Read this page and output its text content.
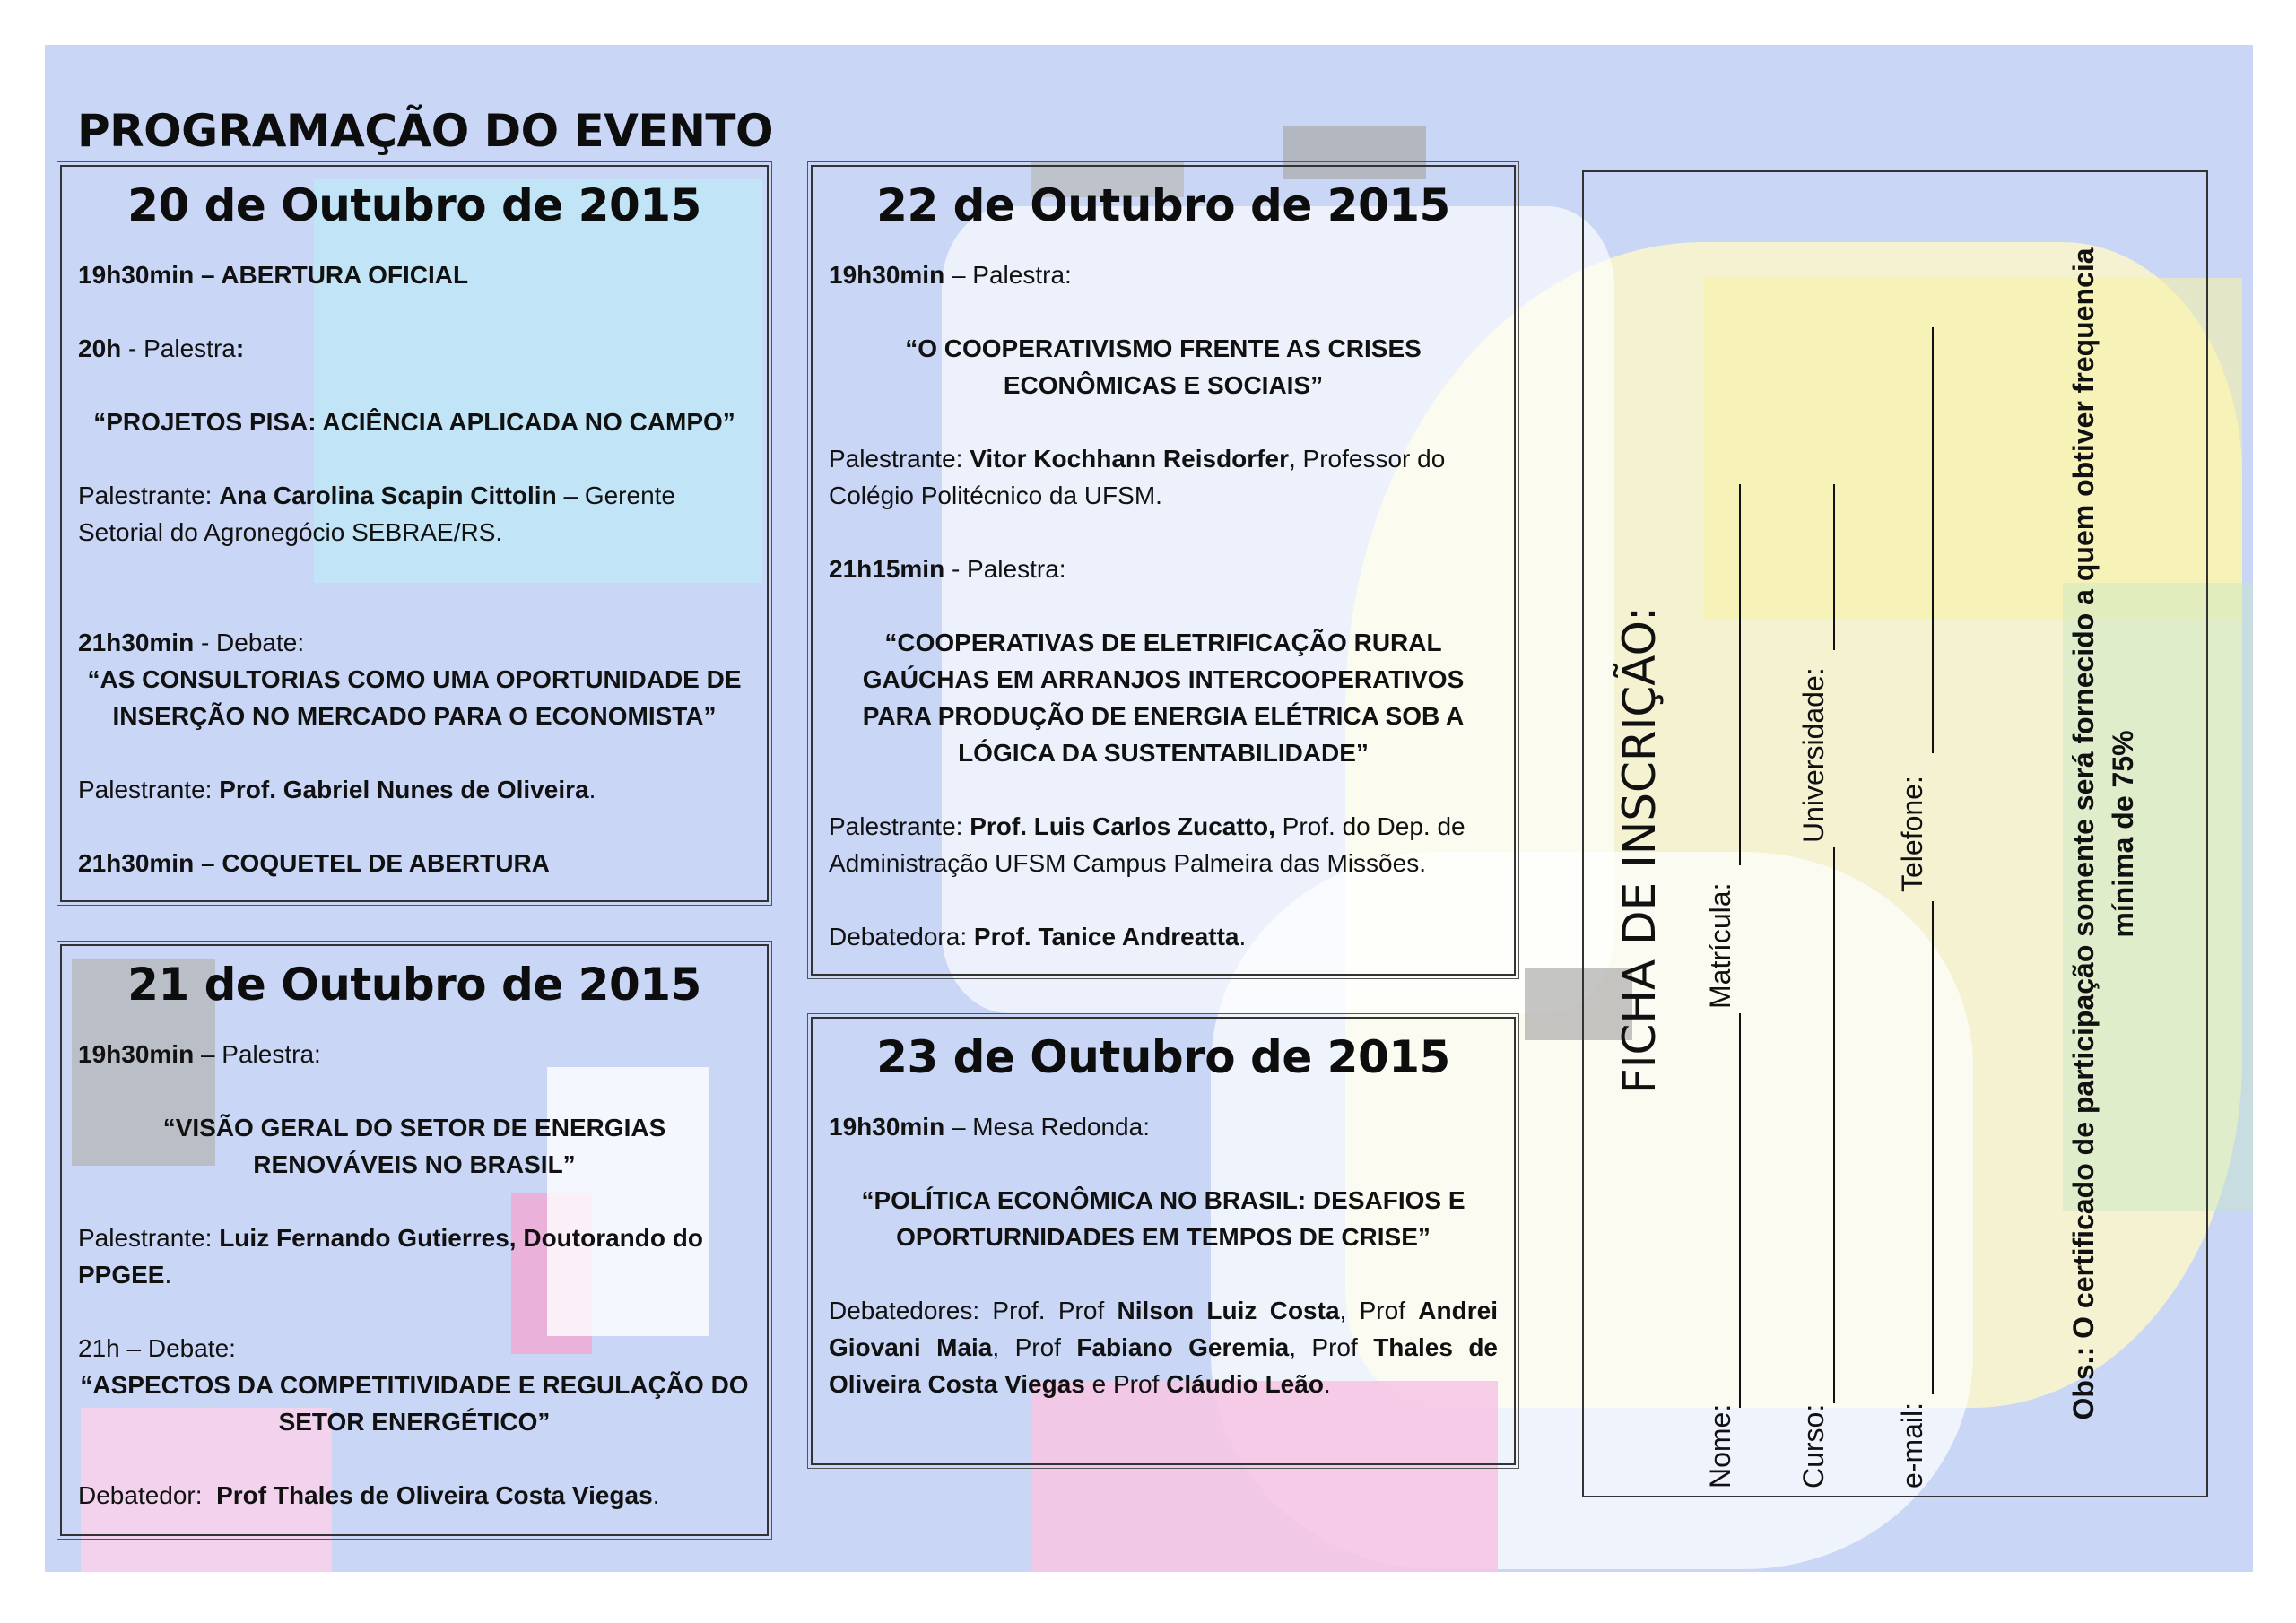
PROGRAMAÇÃO DO EVENTO
20 de Outubro de 2015

19h30min – ABERTURA OFICIAL

20h - Palestra:

“PROJETOS PISA: ACIÊNCIA APLICADA NO CAMPO”

Palestrante: Ana Carolina Scapin Cittolin – Gerente Setorial do Agronegócio SEBRAE/RS.

21h30min - Debate:

“AS CONSULTORIAS COMO UMA OPORTUNIDADE DE INSERÇÃO NO MERCADO PARA O ECONOMISTA”

Palestrante: Prof. Gabriel Nunes de Oliveira.

21h30min – COQUETEL DE ABERTURA

21 de Outubro de 2015

19h30min – Palestra:

“VISÃO GERAL DO SETOR DE ENERGIAS RENOVÁVEIS NO BRASIL”

Palestrante: Luiz Fernando Gutierres, Doutorando do PPGEE.

21h – Debate:

“ASPECTOS DA COMPETITIVIDADE E REGULAÇÃO DO SETOR ENERGÉTICO”

Debatedor:  Prof Thales de Oliveira Costa Viegas.

22 de Outubro de 2015

19h30min – Palestra:

“O COOPERATIVISMO FRENTE AS CRISES ECONÔMICAS E SOCIAIS”

Palestrante: Vitor Kochhann Reisdorfer, Professor do Colégio Politécnico da UFSM.

21h15min - Palestra:

“COOPERATIVAS DE ELETRIFICAÇÃO RURAL GAÚCHAS EM ARRANJOS INTERCOOPERATIVOS PARA PRODUÇÃO DE ENERGIA ELÉTRICA SOB A LÓGICA DA SUSTENTABILIDADE”

Palestrante: Prof. Luis Carlos Zucatto, Prof. do Dep. de Administração UFSM Campus Palmeira das Missões.

Debatedora: Prof. Tanice Andreatta.

23 de Outubro de 2015

19h30min – Mesa Redonda:

“POLÍTICA ECONÔMICA NO BRASIL: DESAFIOS E OPORTURNIDADES EM TEMPOS DE CRISE”

Debatedores: Prof. Prof Nilson Luiz Costa, Prof Andrei Giovani Maia, Prof Fabiano Geremia, Prof Thales de Oliveira Costa Viegas e Prof Cláudio Leão.

FICHA DE INSCRIÇÃO:
Nome:
Matrícula:
Curso:
Universidade:
e-mail:
Telefone:	Obs.: O certificado de participação somente será fornecido a quem obtiver frequencia mínima de 75%
